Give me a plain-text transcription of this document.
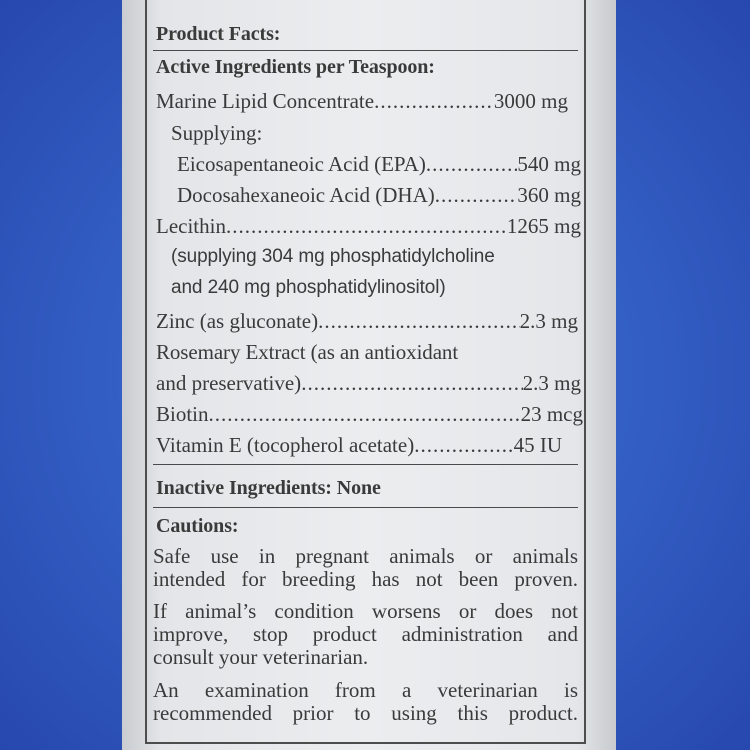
Product Facts:
Active Ingredients per Teaspoon:
Marine Lipid Concentrate .....	3000 mg
Supplying:
Eicosapentaneoic Acid (EPA) .....	540 mg
Docosahexaneoic Acid (DHA) .....	360 mg
Lecithin .....	1265 mg
(supplying 304 mg phosphatidylcholine
and 240 mg phosphatidylinositol)
Zinc (as gluconate) .....	2.3 mg
Rosemary Extract (as an antioxidant
and preservative) .....	2.3 mg
Biotin .....	23 mcg
Vitamin E (tocopherol acetate) .....	45 IU
Inactive Ingredients: None
Cautions:
Safe use in pregnant animals or animals
intended for breeding has not been proven.
If animal’s condition worsens or does not
improve, stop product administration and
consult your veterinarian.
An examination from a veterinarian is
recommended prior to using this product.
